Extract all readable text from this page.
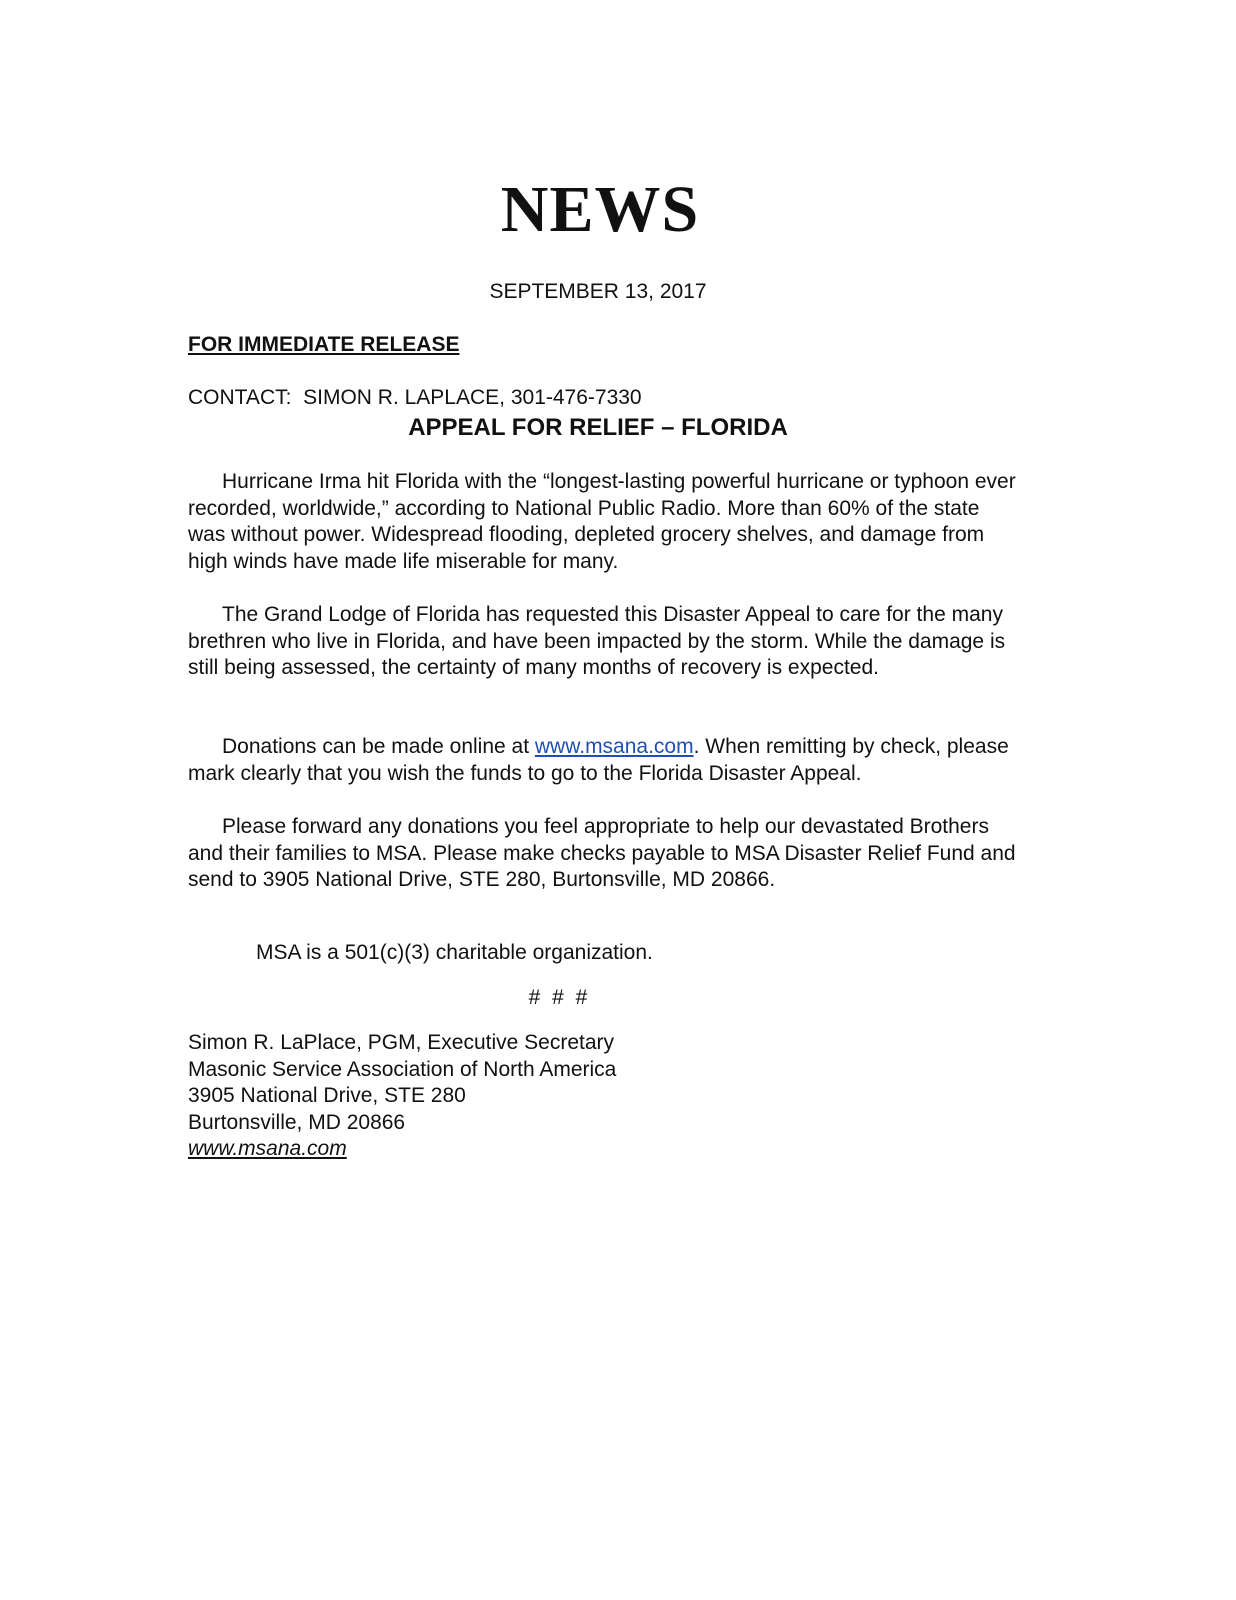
NEWS
SEPTEMBER 13, 2017
FOR IMMEDIATE RELEASE
CONTACT:  SIMON R. LAPLACE, 301-476-7330
APPEAL FOR RELIEF – FLORIDA

Hurricane Irma hit Florida with the “longest-lasting powerful hurricane or typhoon ever recorded, worldwide,” according to National Public Radio. More than 60% of the state was without power. Widespread flooding, depleted grocery shelves, and damage from high winds have made life miserable for many.

The Grand Lodge of Florida has requested this Disaster Appeal to care for the many brethren who live in Florida, and have been impacted by the storm. While the damage is still being assessed, the certainty of many months of recovery is expected.

Donations can be made online at www.msana.com. When remitting by check, please mark clearly that you wish the funds to go to the Florida Disaster Appeal.

Please forward any donations you feel appropriate to help our devastated Brothers and their families to MSA. Please make checks payable to MSA Disaster Relief Fund and send to 3905 National Drive, STE 280, Burtonsville, MD 20866.

MSA is a 501(c)(3) charitable organization.
# # #
Simon R. LaPlace, PGM, Executive Secretary
Masonic Service Association of North America
3905 National Drive, STE 280
Burtonsville, MD 20866
www.msana.com
